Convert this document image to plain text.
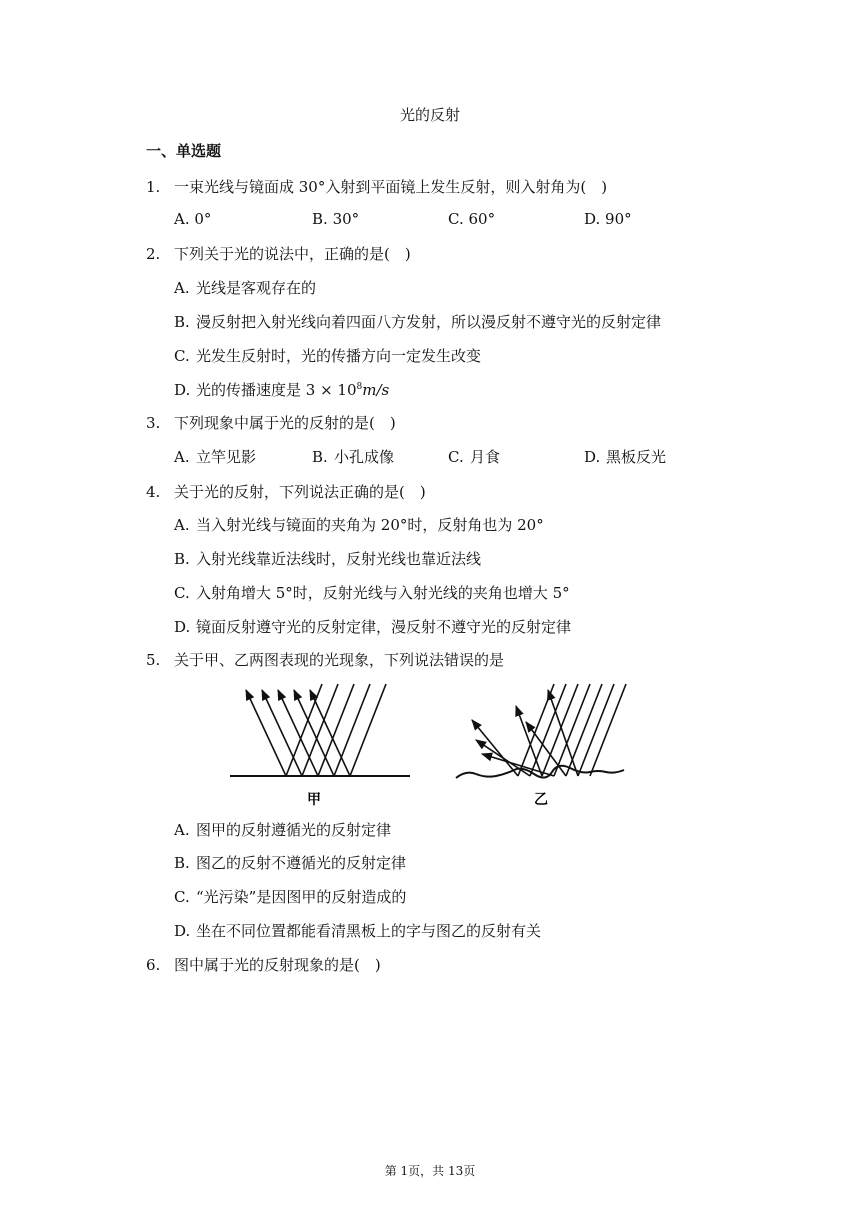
光的反射
一、单选题
1. 一束光线与镜面成 30°入射到平面镜上发生反射，则入射角为(　)
A. 0°	B. 30°	C. 60°	D. 90°
2. 下列关于光的说法中，正确的是(　)
A. 光线是客观存在的
B. 漫反射把入射光线向着四面八方发射，所以漫反射不遵守光的反射定律
C. 光发生反射时，光的传播方向一定发生改变
D. 光的传播速度是 $3 \times 10^8m/s$
3. 下列现象中属于光的反射的是(　)
A. 立竿见影	B. 小孔成像	C. 月食	D. 黑板反光
4. 关于光的反射，下列说法正确的是(　)
A. 当入射光线与镜面的夹角为 20°时，反射角也为 20°
B. 入射光线靠近法线时，反射光线也靠近法线
C. 入射角增大 5°时，反射光线与入射光线的夹角也增大 5°
D. 镜面反射遵守光的反射定律，漫反射不遵守光的反射定律
5. 关于甲、乙两图表现的光现象，下列说法错误的是
甲	乙
A. 图甲的反射遵循光的反射定律
B. 图乙的反射不遵循光的反射定律
C. “光污染”是因图甲的反射造成的
D. 坐在不同位置都能看清黑板上的字与图乙的反射有关
6. 图中属于光的反射现象的是(　)
第 1页，共 13页
